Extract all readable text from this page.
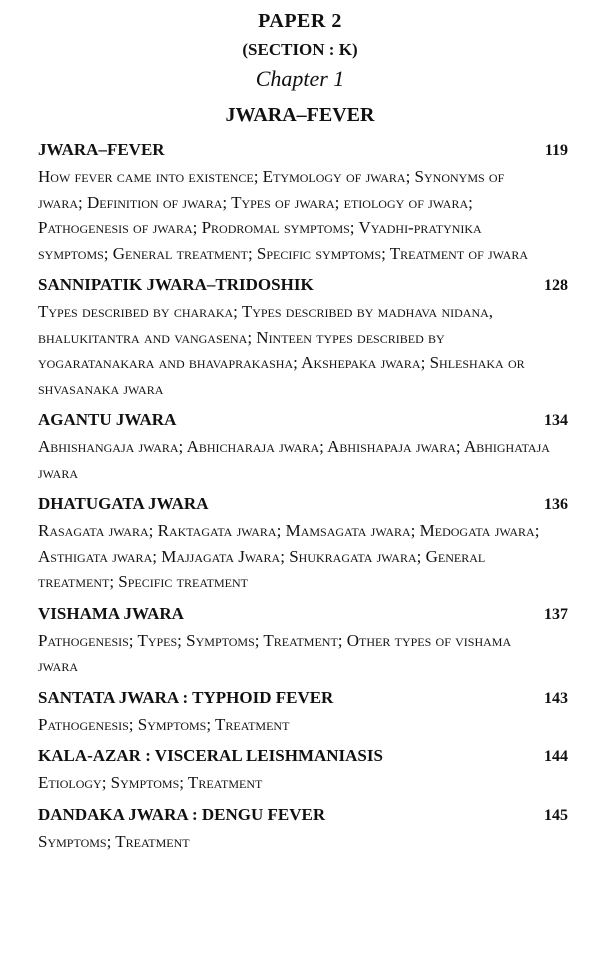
PAPER 2
(SECTION : K)
Chapter 1
JWARA–FEVER
JWARA–FEVER	119
How fever came into existence; Etymology of jwara; Synonyms of jwara; Definition of jwara; Types of jwara; etiology of jwara; Pathogenesis of jwara; Prodromal symptoms; Vyadhi-pratynika symptoms; General treatment; Specific symptoms; Treatment of jwara
SANNIPATIK JWARA–TRIDOSHIK	128
Types described by charaka; Types described by madhava nidana, bhalukitantra and vangasena; Ninteen types described by yogaratanakara and bhavaprakasha; Akshepaka jwara; Shleshaka or shvasanaka jwara
AGANTU JWARA	134
Abhishangaja jwara; Abhicharaja jwara; Abhishapaja jwara; Abhighataja jwara
DHATUGATA JWARA	136
Rasagata jwara; Raktagata jwara; Mamsagata jwara; Medogata jwara; Asthigata jwara; Majjagata Jwara; Shukragata jwara; General treatment; Specific treatment
VISHAMA JWARA	137
Pathogenesis; Types; Symptoms; Treatment; Other types of vishama jwara
SANTATA JWARA : TYPHOID FEVER	143
Pathogenesis; Symptoms; Treatment
KALA-AZAR : VISCERAL LEISHMANIASIS	144
Etiology; Symptoms; Treatment
DANDAKA JWARA : DENGU FEVER	145
Symptoms; Treatment
